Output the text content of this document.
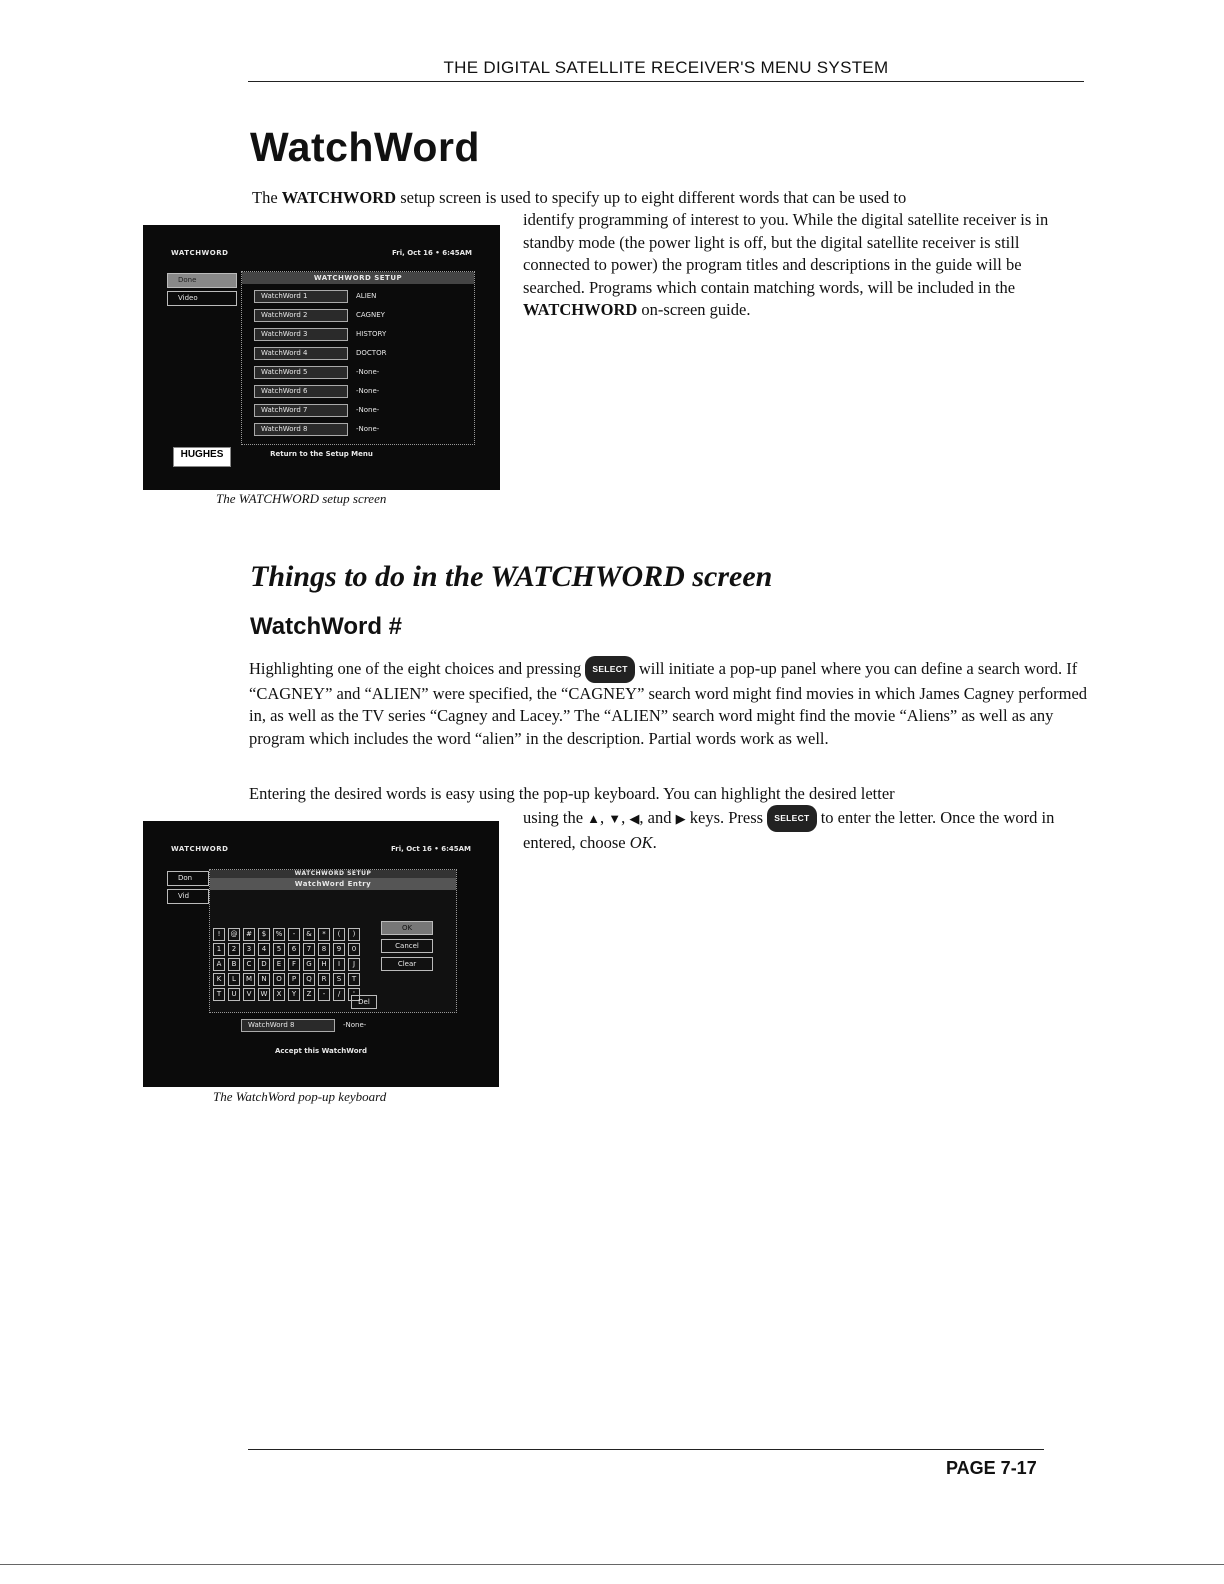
THE DIGITAL SATELLITE RECEIVER'S MENU SYSTEM
WatchWord
The WATCHWORD setup screen is used to specify up to eight different words that can be used to
identify programming of interest to you. While the digital satellite receiver is in standby mode (the power light is off, but the digital satellite receiver is still connected to power) the program titles and descriptions in the guide will be searched. Programs which contain matching words, will be included in the WATCHWORD on-screen guide.
WATCHWORD	Fri, Oct 16 • 6:45AM
Done
Video
WATCHWORD SETUP
WatchWord 1	ALIEN
WatchWord 2	CAGNEY
WatchWord 3	HISTORY
WatchWord 4	DOCTOR
WatchWord 5	-None-
WatchWord 6	-None-
WatchWord 7	-None-
WatchWord 8	-None-
Return to the Setup Menu
HUGHES
The WATCHWORD setup screen
Things to do in the WATCHWORD screen
WatchWord #
Highlighting one of the eight choices and pressing SELECT will initiate a pop-up panel where you can define a search word. If “CAGNEY” and “ALIEN” were specified, the “CAGNEY” search word might find movies in which James Cagney performed in, as well as the TV series “Cagney and Lacey.” The “ALIEN” search word might find the movie “Aliens” as well as any program which includes the word “alien” in the description. Partial words work as well.
Entering the desired words is easy using the pop-up keyboard. You can highlight the desired letter
using the ▲, ▼, ◀, and ▶ keys. Press SELECT to enter the letter. Once the word in entered, choose OK.
WATCHWORD	Fri, Oct 16 • 6:45AM
Don
Vid
WATCHWORD SETUP
WatchWord Entry
! @ # $ % - & * ( )
1 2 3 4 5 6 7 8 9 0
A B C D E F G H I J
K L M N O P Q R S T
T U V W X Y Z - / '
OK
Cancel
Clear
Del
WatchWord 8	-None-
Accept this WatchWord
The WatchWord pop-up keyboard
PAGE 7-17
